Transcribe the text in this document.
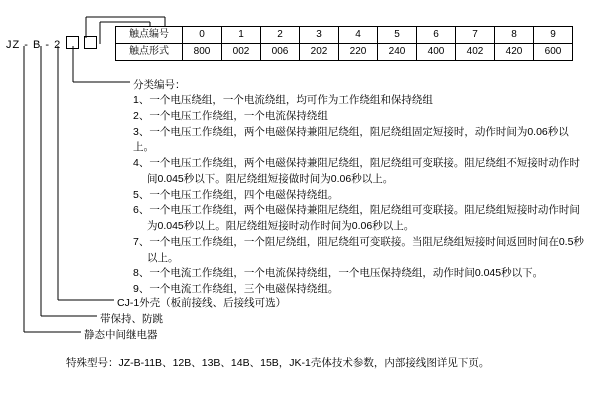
JZ - B - 2
触点编号	0	1	2	3	4	5	6	7	8	9
触点形式	800	002	006	202	220	240	400	402	420	600
分类编号：
1、一个电压绕组，一个电流绕组，均可作为工作绕组和保持绕组
2、一个电压工作绕组，一个电流保持绕组
3、一个电压工作绕组，两个电磁保持兼阻尼绕组，阻尼绕组固定短接时，动作时间为0.06秒以上。
4、一个电压工作绕组，两个电磁保持兼阻尼绕组，阻尼绕组可变联接。阻尼绕组不短接时动作时间0.045秒以下。阻尼绕组短接做时间为0.06秒以上。
5、一个电压工作绕组，四个电磁保持绕组。
6、一个电压工作绕组，两个电磁保持兼阻尼绕组，阻尼绕组可变联接。阻尼绕组短接时动作时间为0.045秒以上。阻尼绕组短接时动作时间为0.06秒以上。
7、一个电压工作绕组，一个阻尼绕组，阻尼绕组可变联接。当阻尼绕组短接时间返回时间在0.5秒以上。
8、一个电流工作绕组，一个电流保持绕组，一个电压保持绕组，动作时间0.045秒以下。
9、一个电流工作绕组，三个电磁保持绕组。
CJ-1外壳（板前接线、后接线可选）
带保持、防跳
静态中间继电器
特殊型号：JZ-B-11B、12B、13B、14B、15B，JK-1壳体技术参数，内部接线图详见下页。
